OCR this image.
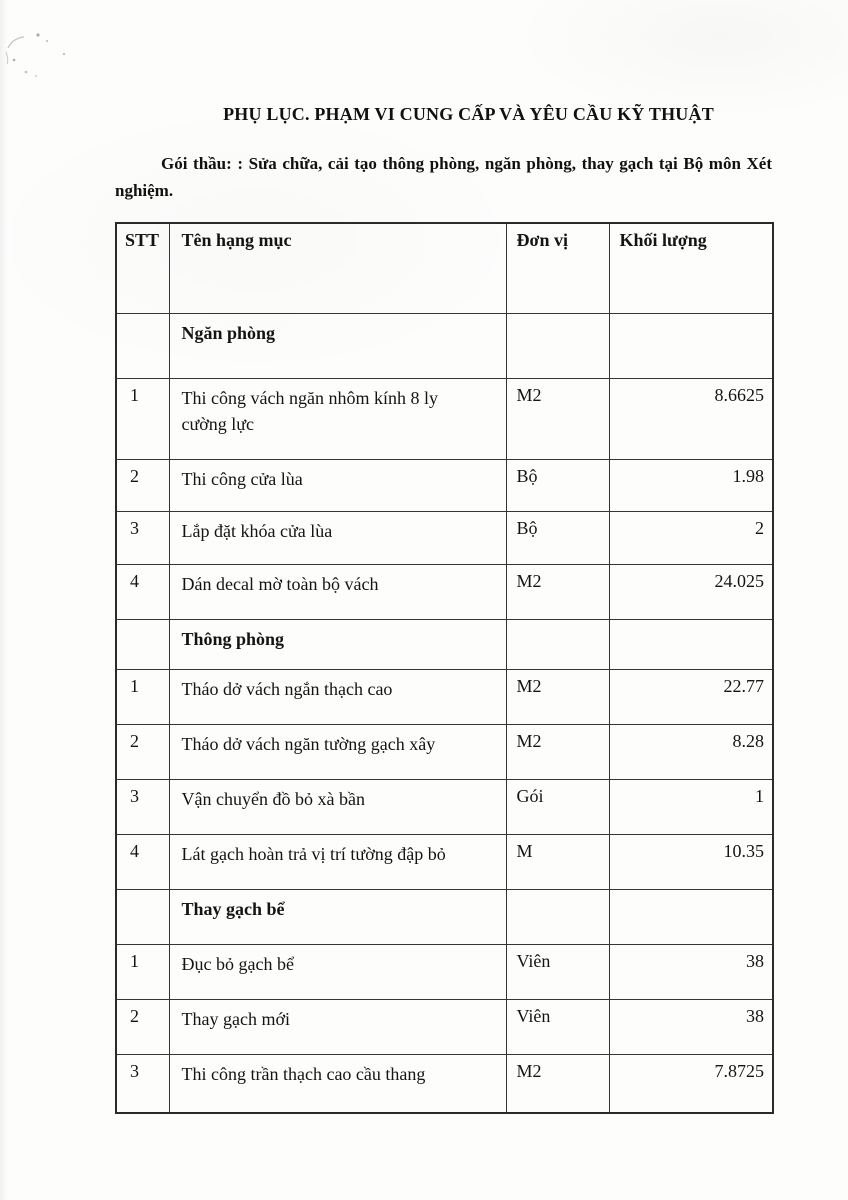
PHỤ LỤC. PHẠM VI CUNG CẤP VÀ YÊU CẦU KỸ THUẬT

Gói thầu: : Sửa chữa, cải tạo thông phòng, ngăn phòng, thay gạch tại Bộ môn Xét nghiệm.

STT	Tên hạng mục	Đơn vị	Khối lượng
	Ngăn phòng		
1	Thi công vách ngăn nhôm kính 8 ly cường lực	M2	8.6625
2	Thi công cửa lùa	Bộ	1.98
3	Lắp đặt khóa cửa lùa	Bộ	2
4	Dán decal mờ toàn bộ vách	M2	24.025
	Thông phòng		
1	Tháo dở vách ngắn thạch cao	M2	22.77
2	Tháo dở vách ngăn tường gạch xây	M2	8.28
3	Vận chuyển đồ bỏ xà bần	Gói	1
4	Lát gạch hoàn trả vị trí tường đập bỏ	M	10.35
	Thay gạch bể		
1	Đục bỏ gạch bể	Viên	38
2	Thay gạch mới	Viên	38
3	Thi công trần thạch cao cầu thang	M2	7.8725
